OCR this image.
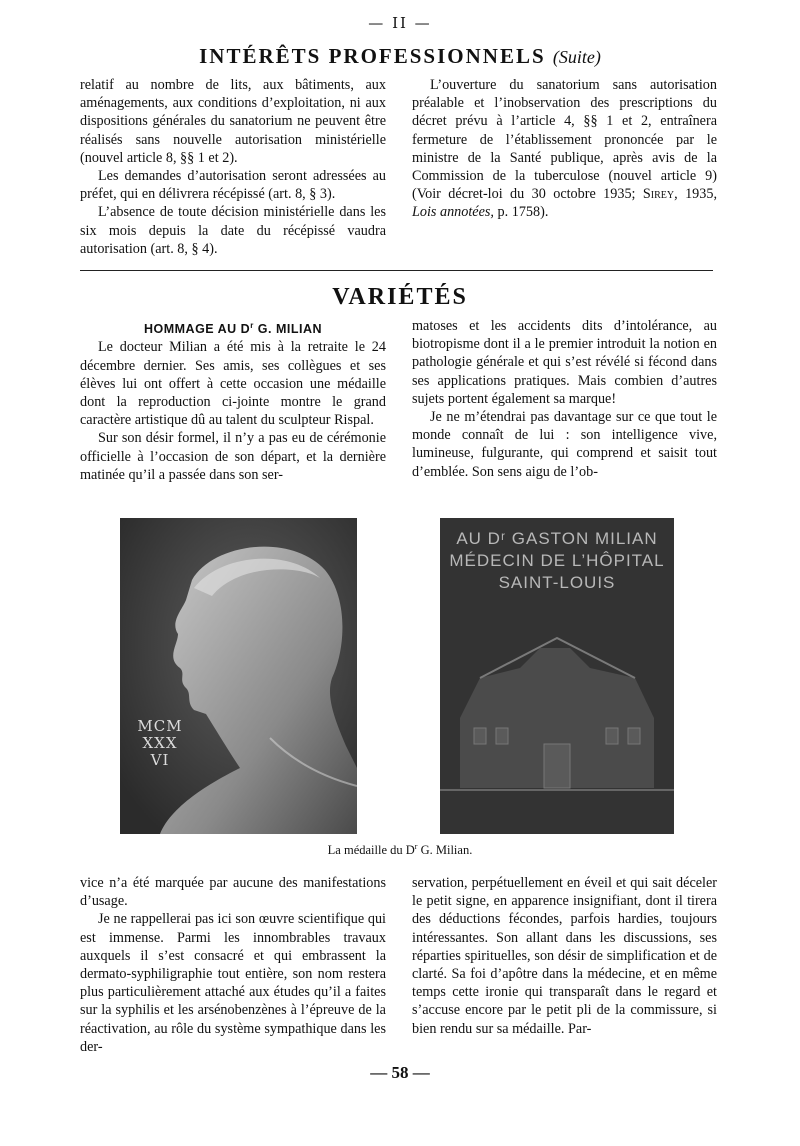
— II —
INTÉRÊTS PROFESSIONNELS (Suite)

relatif au nombre de lits, aux bâtiments, aux aménagements, aux conditions d’exploitation, ni aux dispositions générales du sanatorium ne peuvent être réalisés sans nouvelle autorisation ministérielle (nouvel article 8, §§ 1 et 2).

Les demandes d’autorisation seront adressées au préfet, qui en délivrera récépissé (art. 8, § 3).

L’absence de toute décision ministérielle dans les six mois depuis la date du récépissé vaudra autorisation (art. 8, § 4).

L’ouverture du sanatorium sans autorisation préalable et l’inobservation des prescriptions du décret prévu à l’article 4, §§ 1 et 2, entraînera fermeture de l’établissement prononcée par le ministre de la Santé publique, après avis de la Commission de la tuberculose (nouvel article 9) (Voir décret-loi du 30 octobre 1935; Sirey, 1935, Lois annotées, p. 1758).

VARIÉTÉS

HOMMAGE AU $D^r$ G. MILIAN

Le docteur Milian a été mis à la retraite le 24 décembre dernier. Ses amis, ses collègues et ses élèves lui ont offert à cette occasion une médaille dont la reproduction ci-jointe montre le grand caractère artistique dû au talent du sculpteur Rispal.

Sur son désir formel, il n’y a pas eu de cérémonie officielle à l’occasion de son départ, et la dernière matinée qu’il a passée dans son ser-

matoses et les accidents dits d’intolérance, au biotropisme dont il a le premier introduit la notion en pathologie générale et qui s’est révélé si fécond dans ses applications pratiques. Mais combien d’autres sujets portent également sa marque!

Je ne m’étendrai pas davantage sur ce que tout le monde connaît de lui : son intelligence vive, lumineuse, fulgurante, qui comprend et saisit tout d’emblée. Son sens aigu de l’ob-

MCM
XXX
VI
AU Dʳ GASTON MILIAN
MÉDECIN DE L’HÔPITAL
SAINT-LOUIS
La médaille du $D^r$ G. Milian.

vice n’a été marquée par aucune des manifestations d’usage.

Je ne rappellerai pas ici son œuvre scientifique qui est immense. Parmi les innombrables travaux auxquels il s’est consacré et qui embrassent la dermato-syphiligraphie tout entière, son nom restera plus particulièrement attaché aux études qu’il a faites sur la syphilis et les arsénobenzènes à l’épreuve de la réactivation, au rôle du système sympathique dans les der-

servation, perpétuellement en éveil et qui sait déceler le petit signe, en apparence insignifiant, dont il tirera des déductions fécondes, parfois hardies, toujours intéressantes. Son allant dans les discussions, ses réparties spirituelles, son désir de simplification et de clarté. Sa foi d’apôtre dans la médecine, et en même temps cette ironie qui transparaît dans le regard et s’accuse encore par le petit pli de la commissure, si bien rendu sur sa médaille. Par-

— 58 —
